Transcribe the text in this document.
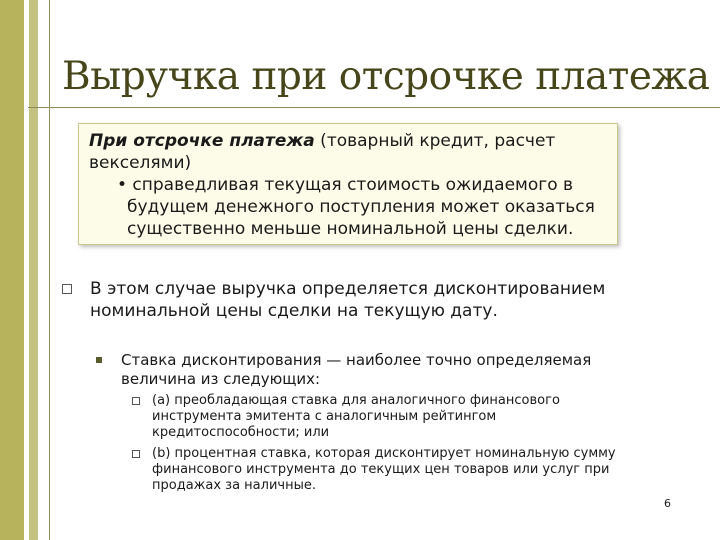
Выручка при отсрочке платежа
При отсрочке платежа (товарный кредит, расчет векселями)
• справедливая текущая стоимость ожидаемого в
будущем денежного поступления может оказаться
существенно меньше номинальной цены сделки.
В этом случае выручка определяется дисконтированием номинальной цены сделки на текущую дату.
Ставка дисконтирования — наиболее точно определяемая величина из следующих:
(а) преобладающая ставка для аналогичного финансового инструмента эмитента с аналогичным рейтингом кредитоспособности; или
(b) процентная ставка, которая дисконтирует номинальную сумму финансового инструмента до текущих цен товаров или услуг при продажах за наличные.
6
